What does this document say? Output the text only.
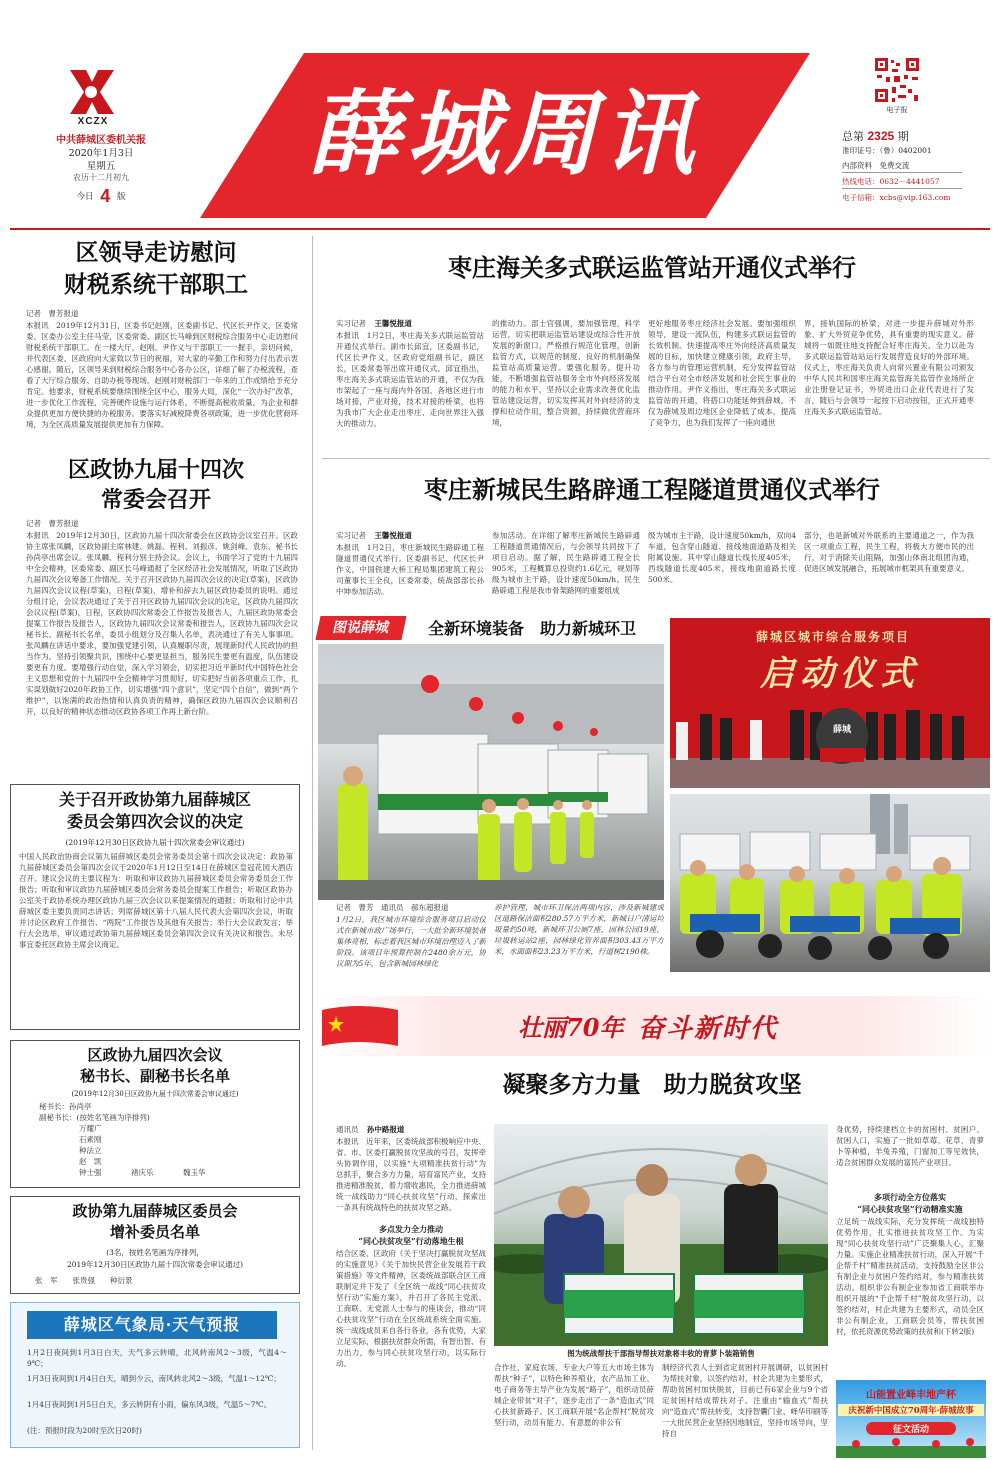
XCZX
中共薛城区委机关报
2020年1月3日
星期五
农历十二月初九
今日 4 版
薛城周讯	电子报
总第 2325 期
准印证号：（鲁）0402001
内部资料　免费交流
热线电话：0632－4441057
电子信箱：xcbs@vip.163.com
区领导走访慰问
财税系统干部职工
记者　曹芳报道
本报讯　2019年12月31日，区委书记赵刚，区委副书记、代区长尹作义，区委常委、区委办公室主任马莹，区委常委、副区长马峰到区财税综合服务中心走访慰问财税系统干部职工。在一楼大厅，赵刚、尹作义与干部职工一一握手，亲切问候，并代表区委、区政府向大家致以节日的祝福，对大家的辛勤工作和努力付出表示衷心感谢。随后，区领导来到财税综合服务中心各办公区，详细了解了办税流程，查看了大厅综合服务、自助办税等现场。赵刚对财税部门一年来的工作成绩给予充分肯定。他要求，财税系统要继续围绕全区中心，服务大局，深化“一次办好”改革，进一步优化工作流程，完善硬件设施与运行体系，不断提高税收质量，为企业和群众提供更加方便快捷的办税服务。要落实好减税降费各项政策，进一步优化营商环境，为全区高质量发展提供更加有力保障。
区政协九届十四次
常委会召开
记者　曹芳报道
本报讯　2019年12月30日，区政协九届十四次常委会在区政协会议室召开。区政协主席张凤麟，区政协副主席林建、姚磊、程利、刘振彦、姚剑峰、袁东、秘书长孙尚亭出席会议。张凤麟、程利分别主持会议。会议上，书面学习了党的十九届四中全会精神，区委常委、副区长马峰通报了全区经济社会发展情况，听取了区政协九届四次会议筹备工作情况。关于召开区政协九届四次会议的决定(草案)，区政协九届四次会议议程(草案)，日程(草案)，增补和辞去九届区政协委员的说明。通过分组讨论，会议表决通过了关于召开区政协九届四次会议的决定，区政协九届四次会议议程(草案)，日程，区政协四次常委会工作报告及报告人，九届区政协常委会提案工作报告及报告人，区政协九届四次会议常委和报告人，区政协九届四次会议秘书长、副秘书长名单，委员小组划分及召集人名单，表决通过了有关人事事项。张凤麟在讲话中要求，要加强党建引领，认真履职尽责，展现新时代人民政协的担当作为。坚持引领聚共识，围绕中心要更显担当，服务民生要更有温度，队伍建设要更有力度。要增强行动自觉，深入学习领会，切实把习近平新时代中国特色社会主义思想和党的十九届四中全会精神学习贯彻好，切实把好当前各项重点工作，扎实谋划做好2020年政协工作，切实增强“四个意识”，坚定“四个自信”，做到“两个维护”，以饱满的政治热情和认真负责的精神，确保区政协九届四次会议顺利召开，以良好的精神状态推动区政协各项工作再上新台阶。
关于召开政协第九届薛城区
委员会第四次会议的决定
(2019年12月30日区政协九届十四次常委会审议通过)
中国人民政治协商会议第九届薛城区委员会常务委员会第十四次会议决定：政协第九届薛城区委员会第四次会议于2020年1月12日至14日在薛城区皇冠花园大酒店召开。建议会议的主要议程为：听取和审议政协九届薛城区委员会常务委员会工作报告；听取和审议政协九届薛城区委员会常务委员会提案工作报告；听取区政协办公室关于政协系统办理区政协九届三次会议以来提案情况的通报；听取和讨论中共薛城区委主要负责同志讲话；列席薛城区第十八届人民代表大会第四次会议，听取并讨论区政府工作报告、“两院”工作报告及其他有关报告；举行大会议政发言；举行大会选举，审议通过政协第九届薛城区委员会第四次会议有关决议和报告。未尽事宜委托区政协主席会议商定。
区政协九届四次会议
秘书长、副秘书长名单
(2019年12月30日区政协九届十四次常委会审议通过)
秘书长：孙尚亭
副秘书长：(按姓名笔画为序排列)
万耀广
石素刚
种法立
赵　凯
钟士强	褚庆乐	魏玉华
政协第九届薛城区委员会
增补委员名单
(3名，按姓名笔画为序排列，
2019年12月30日区政协九届十四次常委会审议通过)
张　军　　张贵强　　种衍景
薛城区气象局·天气预报
1月2日夜间到1月3日白天，天气多云转晴，北风转南风2～3级，气温4～9℃；
1月3日夜间到1月4日白天，晴到少云，南风转北风2～3级，气温1～12℃；
1月4日夜间到1月5日白天，多云转阴有小雨，偏东风3级，气温5～7℃。
(注：预报时段为20时至次日20时)
枣庄海关多式联运监管站开通仪式举行
实习记者 王馨悦报道
本报讯　1月2日，枣庄海关多式联运监管站开通仪式举行。副市长邱宜，区委副书记，代区长尹作义，区政府党组副书记，副区长，区委常委等出席开通仪式。邱宜指出，枣庄海关多式联运监管站的开通，不仅为我市架起了一座与海内外各国、各地区进行市场对接，产业对接，技术对接的桥梁，也将为我市广大企业走出枣庄、走向世界注入强大的推动力。
的推动力。部士官强调，要加强管理，科学运营，切实把联运监管站建设成综合性开放发展的新窗口，严格推行规范化管理，创新监管方式，以规范的制度、良好的机制确保监管站高质量运营。要强化服务，提升功能，不断增强监管站服务全市外向经济发展的能力和水平，坚持以企业需求改善优化监管站建设运营，切实发挥其对外向经济的支撑和拉动作用，整合资源，持续做优营商环境，
更好地服务枣庄经济社会发展。要加强组织领导，建设一流队伍，构建多式联运监管的长效机制。快速提高枣庄外向经济高质量发展的目标，加快建立健康引领，政府主导，各方参与的管理运营机制，充分发挥监管站结合平台对全市经济发展和社会民生事业的推动作用。尹作义指出，枣庄海关多式联运监管站的开通，将搭口功能延伸到薛城，不仅为薛城及周边地区企业降低了成本，提高了竞争力，也为我们发挥了一座向通世
界，接轨国际的桥梁，对进一步提升薛城对外形象、扩大外贸竞争优势，具有重要的现实意义。薛城将一如既往地支持配合好枣庄海关、全力以赴为多式联运监管站站运行发展营造良好的外部环境。仪式上，枣庄海关负责人向常兴置业有限公司颁发中华人民共和国枣庄海关监管海关监管作业场所企业注册登记证书，外贸进出口企业代表进行了发言，随后与会领导一起按下启动按钮，正式开通枣庄海关多式联运监管站。
枣庄新城民生路辟通工程隧道贯通仪式举行
实习记者 王馨悦报道
本报讯　1月2日，枣庄新城民生路辟通工程隧道贯通仪式举行。区委副书记、代区长尹作义，中国铁建大桥工程局集团建筑工程公司董事长王全良，区委常委，统战部部长孙中坤参加活动。
参加活动。在详细了解枣庄新城民生路辟通工程隧道贯通情况后，与会领导共同按下了项目启动。据了解，民生路辟通工程全长905米，工程概算总投资约1.6亿元，规划等级为城市主干路，设计速度50km/h。民生路辟通工程是我市骨架路网的重要组成
级为城市主干路，设计速度50km/h，双向4车道，包含穿山隧道、接线地面道路及相关附属设施。其中穿山隧道长线长度405米，西线隧道长度405米，接线地面道路长度500米。
部分，也是新城对外联系的主要通道之一，作为我区一项重点工程，民生工程，将极大方便市民的出行，对于消除关山阻隔，加强山体南北组团沟通，促进区域发展融合，拓展城市框架具有重要意义。
图说薛城	全新环境装备　助力新城环卫	薛城区城市综合服务项目
启动仪式
薛城
记者　曹芳　通讯员　郝东超报道
1月2日，我区城市环境综合服务项目启动仪式在新城市政广场举行，一大批全新环境装备集体亮相，标志着我区城市环境治理迈入了新阶段。该项目年预算控制在2480余万元，协议期为5年，包含新城园林绿化
养护管理，城市环卫保洁两项内容，涉及新城建成区道路保洁面积280.57万平方米，新城日户清运垃圾量约50吨，新城环卫公厕7座，园林公园19座，垃圾转运站2座，园林绿化管养面积303.43万平方米，水面面积23.23万平方米，行道树2190株。
壮丽70年 奋斗新时代
凝聚多方力量　助力脱贫攻坚
通讯员 孙中路报道
本报讯　近年来，区委统战部积极响应中央、省、市、区委打赢脱贫攻坚战的号召，发挥牵头协调作用，以实施“大项精准扶贫行动”为总抓手，聚合多方力量，培育富民产业，支持推进精准脱贫，着力增收惠民，全力推进薛城统一战线助力“同心扶贫攻坚”行动，探索出一条具有统战特色的扶贫攻坚之路。
多点发力全力推动
“同心扶贫攻坚”行动落地生根
结合区委、区政府《关于坚决打赢脱贫攻坚战的实施意见》《关于加快民营企业发展若干政策措施》等文件精神，区委统战部联合区工商联制定并下发了《全区统一战线“同心扶贫攻坚行动”实施方案》，并召开了各民主党派、工商联、无党派人士参与的座谈会，推动“同心扶贫攻坚”行动在全区统战系统全面实施。统一战线成员来自各行各业，各有优势，大家立足实际，根据扶贫群众所需，有智出智、有力出力，参与同心扶贫攻坚行动，以实际行动。
图为统战帮扶干部指导帮扶对象将丰收的青萝卜装箱销售
合作社、家庭农场、专业大户等五大市场主体为帮扶“种子”，以特色种养殖业，农产品加工业、电子商务等主导产业为发展“路子”，组织动员薛城企业带贫“对子”，逐步走出了一条“造血式”同心扶贫新路子。区工商联开展“名企帮村”脱贫攻坚行动，动员有能力、有意愿的非公有
制经济代表人士到省定贫困村开展调研，以贫困村为帮扶对象，以签约结对，村企共建为主要形式，帮助贫困村加快脱贫，目前已有6家企业与9个省定贫困村结成帮扶对子。注重由“输血式”帮扶向“造血式”帮扶转变，支持智囊门业、峄华印刷等一大批民营企业坚持因地制宜，坚持市场导向，坚持自
身优势，持续建档立卡的贫困村、贫困户、贫困人口，实施了一批如草莓、花草、青萝卜等种植，羊兔养殖，门窗加工等见效快，适合贫困群众发展的富民产业项目。
多项行动全方位落实
“同心扶贫攻坚”行动精准实施
立足统一战线实际，充分发挥统一战线独特优势作用，扎实推进扶贫攻坚工作。为实现“同心扶贫攻坚行动”广泛聚集人心，汇聚力量。实施企业精准扶贫行动，深入开展“千企帮千村”精准扶贫活动，支持鼓励全区非公有制企业与贫困户签约结对，参与精准扶贫活动。组织非公有制企业参加省工商联举办组织开展的“千企帮千村”脱贫攻坚行动，以签约结对，村企共建为主要形式，动员全区非公有制企业，工商联会员等，帮扶贫困村，依托资源优势政策的扶贫和(下转2版)
山能置业峄丰地产杯
庆祝新中国成立70周年·薛城故事
征文活动
